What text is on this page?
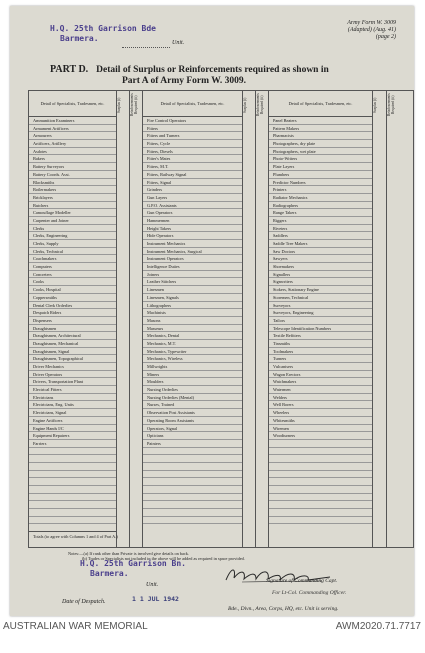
H.Q. 25th Garrison Bde
Barmera.	Unit.
Army Form W. 3009
(Adapted) (Aug. 41)
(page 2)
PART D. Detail of Surplus or Reinforcements required as shown in
Part A of Army Form W. 3009.
Detail of Specialists, Tradesmen, etc.
Ammunition Examiners
Armament Artificers
Armourers
Artificers, Artillery
Asdotes
Bakers
Battery Surveyors
Battery Coords. Asst.
Blacksmiths
Boilermakers
Bricklayers
Butchers
Camouflage Modeller
Carpenter and Joiner
Clerks
Clerks, Engineering
Clerks, Supply
Clerks, Technical
Coachmakers
Computers
Concreters
Cooks
Cooks, Hospital
Coppersmiths
Dental Clerk Orderlies
Despatch Riders
Dispensers
Draughtsmen
Draughtsmen, Architectural
Draughtsmen, Mechanical
Draughtsmen, Signal
Draughtsmen, Topographical
Driver Mechanics
Driver Operators
Drivers, Transportation Plant
Electrical Fitters
Electricians
Electricians, Eng. Units
Electricians, Signal
Engine Artificers
Engine Hands I/C
Equipment Repairers
Farriers
Totals (to agree with Columns 1 and 4 of Part A.)
Surplus (i)	Reinforcements Required (ii)	Detail of Specialists, Tradesmen, etc.
Fire Control Operators
Fitters
Fitters and Turners
Fitters, Cycle
Fitters, Diesels
Fitter's Mates
Fitters, M.T.
Fitters, Railway Signal
Fitters, Signal
Grinders
Gun Layers
G.P.O. Assistants
Gun Operators
Hammermen
Height Takers
Hide Operators
Instrument Mechanics
Instrument Mechanics, Surgical
Instrument Operators
Intelligence Duties
Joiners
Leather Stitchers
Linesmen
Linesmen, Signals
Lithographers
Machinists
Masons
Masseurs
Mechanics, Dental
Mechanics, M.T.
Mechanics, Typewriter
Mechanics, Wireless
Millwrights
Miners
Moulders
Nursing Orderlies
Nursing Orderlies (Mental)
Nurses, Trained
Observation Post Assistants
Operating Room Assistants
Operators, Signal
Opticians
Painters
Surplus (i)	Reinforcements Required (ii)	Detail of Specialists, Tradesmen, etc.
Panel Beaters
Pattern Makers
Pharmacists
Photographers, dry plate
Photographers, wet plate
Photo-Writers
Plate Layers
Plumbers
Predictor Numbers
Printers
Radiator Mechanics
Radiographers
Range Takers
Riggers
Riveters
Saddlers
Saddle Tree Makers
Saw Doctors
Sawyers
Shoemakers
Signallers
Signwriters
Stokers, Stationary Engine
Storemen, Technical
Surveyors
Surveyors, Engineering
Tailors
Telescope Identification Numbers
Textile Refitters
Tinsmiths
Toolmakers
Turners
Vulcanisers
Wagon Erectors
Watchmakers
Watermen
Welders
Well Borers
Wheelers
Whitesmiths
Wiremen
Woodturners
Surplus (i)	Reinforcements Required (ii)
Notes:—(a) If rank other than Private is involved give details on back.
(b) Trades or Specialists not included in the above will be added as required in space provided.
H.Q. 25th Garrison Bn.
Barmera.
Unit.
Date of Despatch.	1 1 JUL 1942
Signature of Commanding Capt.
For Lt-Col. Commanding Officer.
Bde., Divn., Area, Corps, HQ, etc. Unit is serving.
AUSTRALIAN WAR MEMORIAL	AWM2020.71.7717
